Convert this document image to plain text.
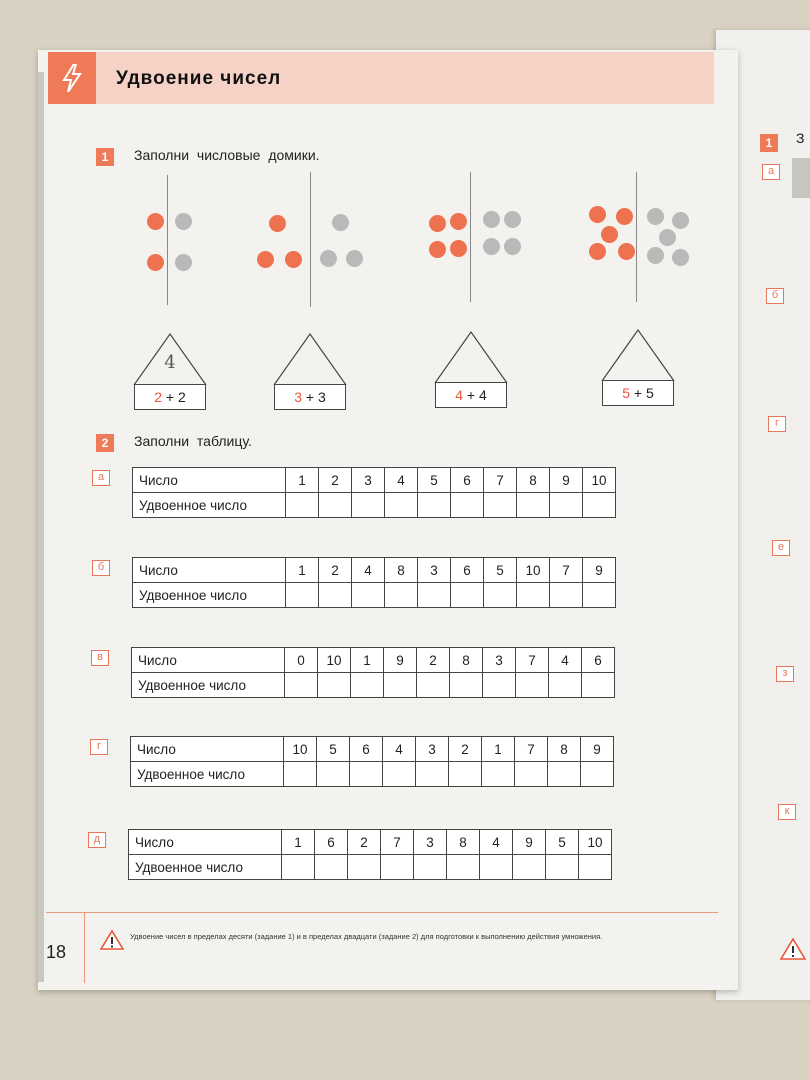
Удвоение чисел
1	Заполни числовые домики.
4
2 + 2	3 + 3	4 + 4	5 + 5
2	Заполни таблицу.
а	Число	1	2	3	4	5	6	7	8	9	10
Удвоенное число										
б	Число	1	2	4	8	3	6	5	10	7	9
Удвоенное число										
в	Число	0	10	1	9	2	8	3	7	4	6
Удвоенное число										
г	Число	10	5	6	4	3	2	1	7	8	9
Удвоенное число										
д	Число	1	6	2	7	3	8	4	9	5	10
Удвоенное число										
18
Удвоение чисел в пределах десяти (задание 1) и в пределах двадцати (задание 2) для подготовки к выполнению действия умножения.
1	З
а
б
г
е
з
к
